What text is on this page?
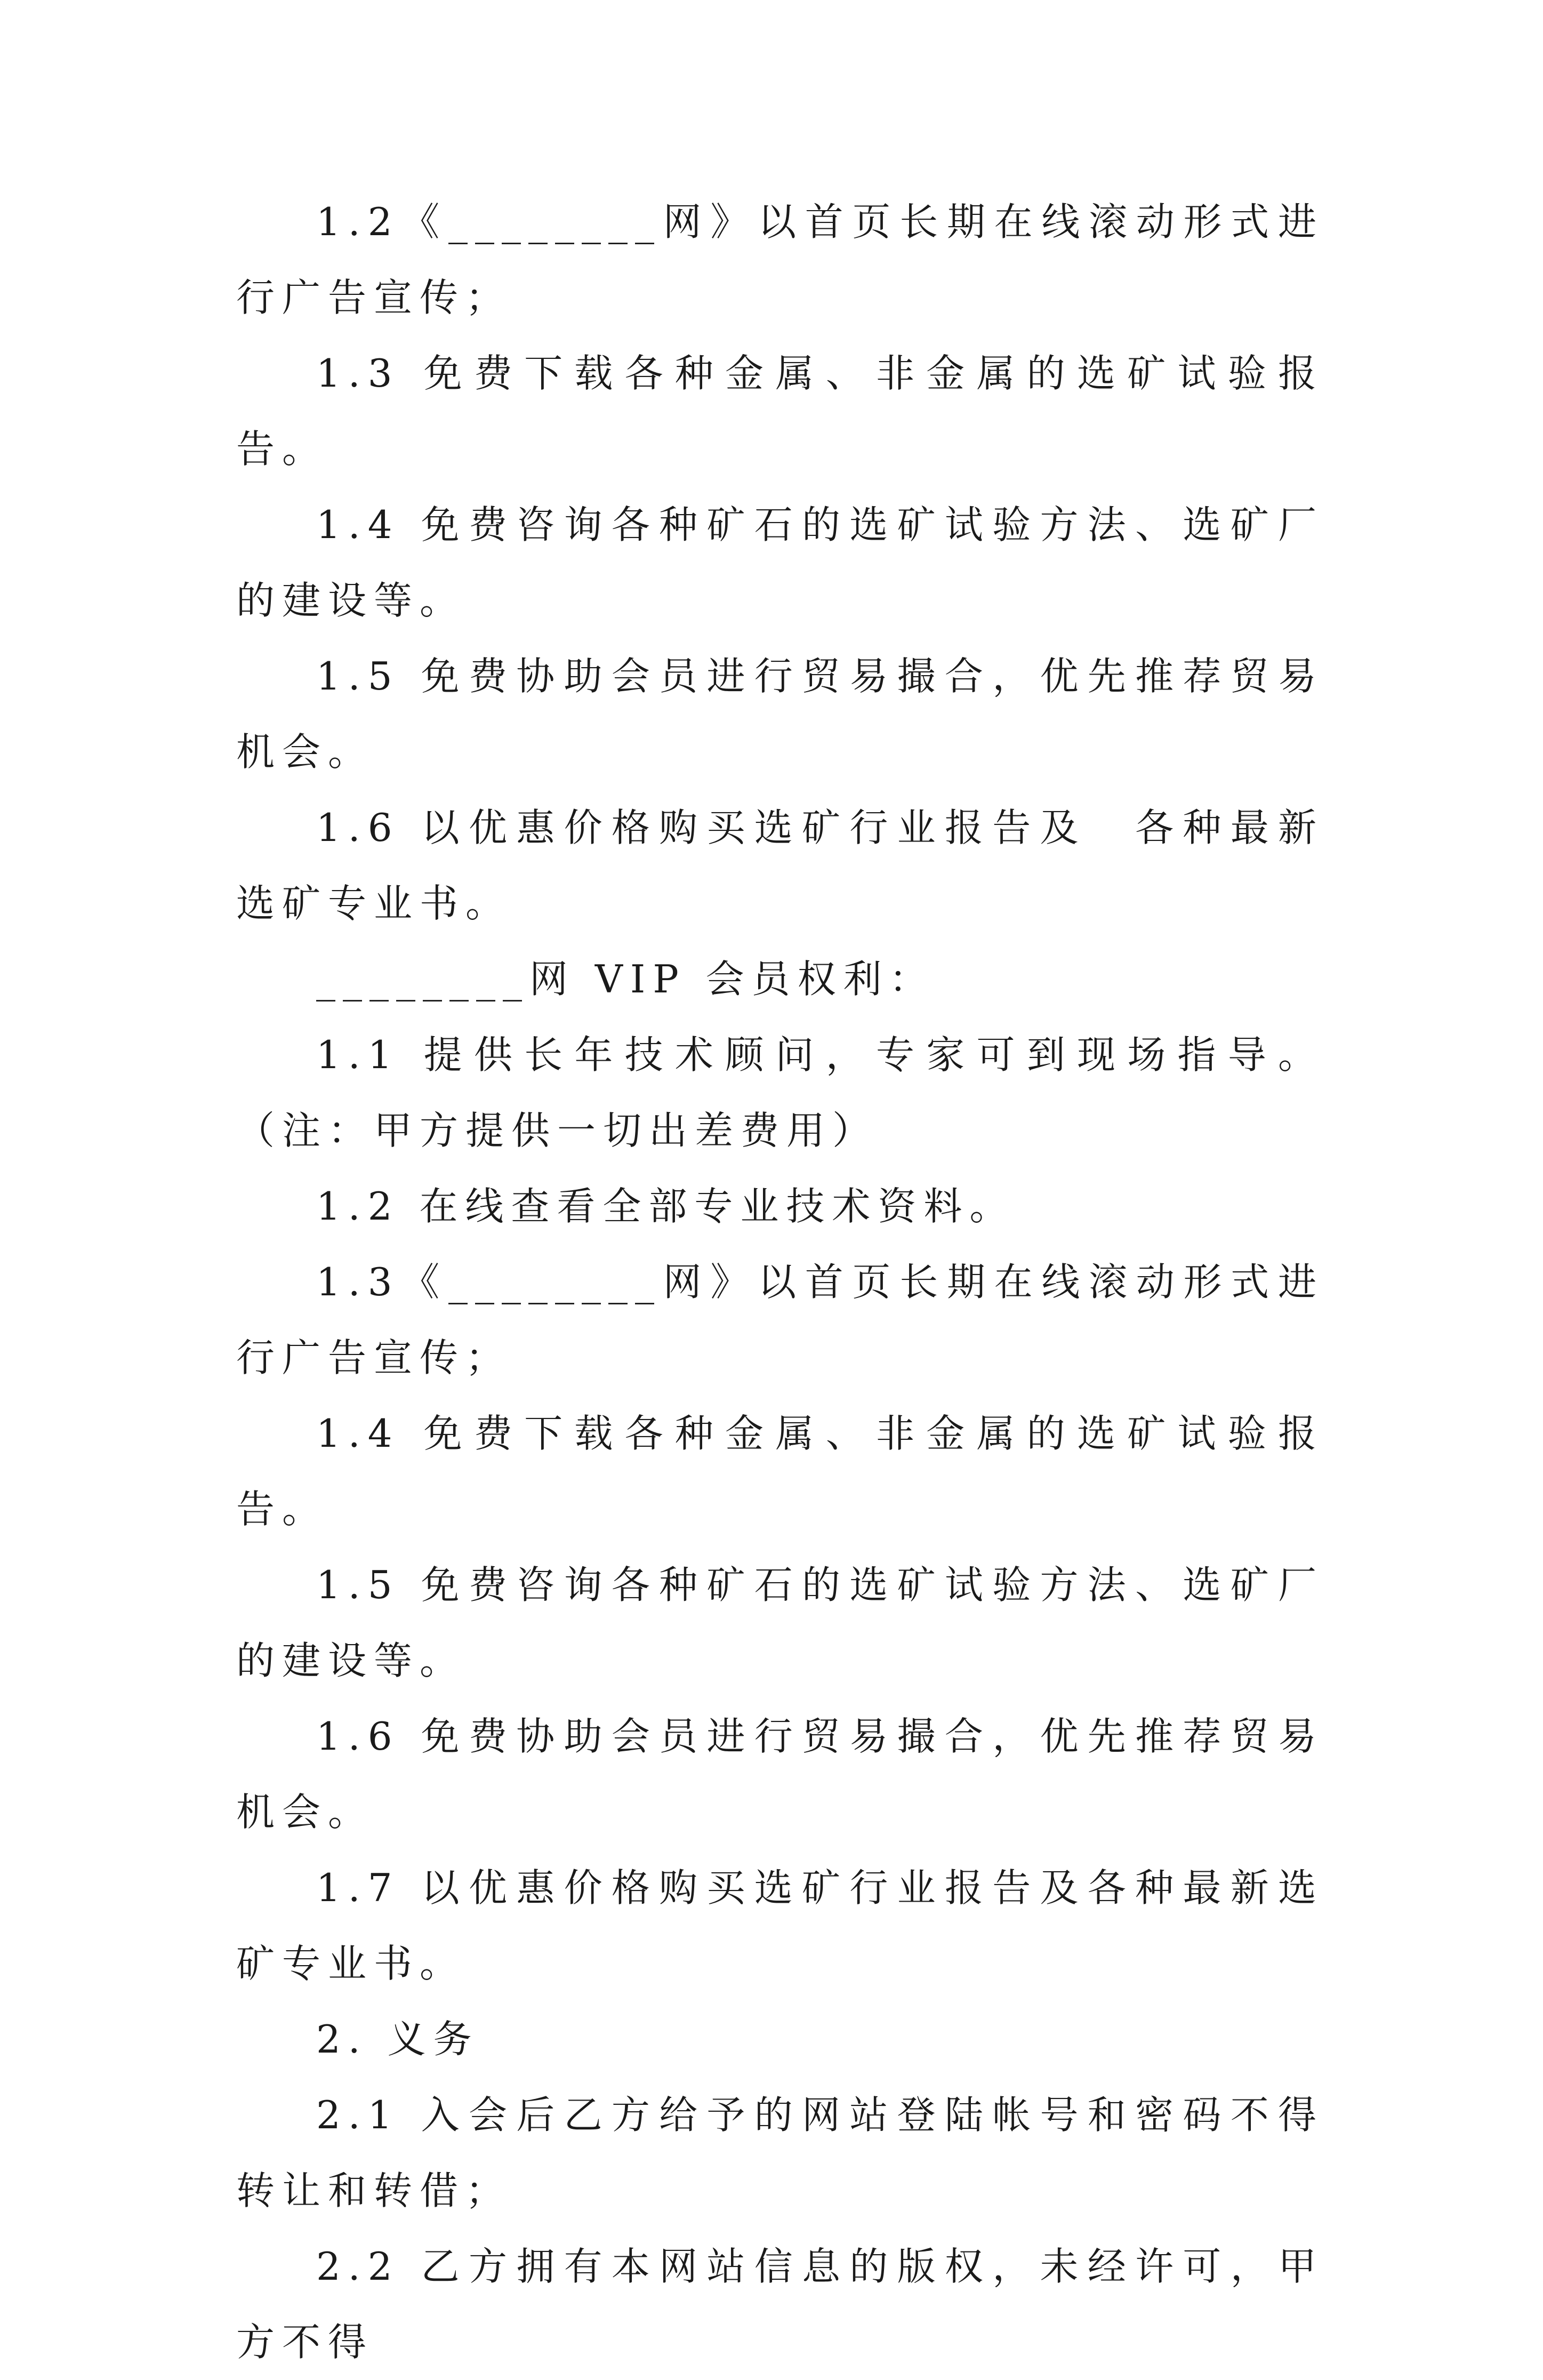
1.2《________网》以首页长期在线滚动形式进行广告宣传；

1.3 免费下载各种金属、非金属的选矿试验报告。

1.4 免费咨询各种矿石的选矿试验方法、选矿厂的建设等。

1.5 免费协助会员进行贸易撮合，优先推荐贸易机会。

1.6 以优惠价格购买选矿行业报告及　各种最新选矿专业书。

________网 VIP 会员权利：

1.1 提供长年技术顾问，专家可到现场指导。（注：甲方提供一切出差费用）

1.2 在线查看全部专业技术资料。

1.3《________网》以首页长期在线滚动形式进行广告宣传；

1.4 免费下载各种金属、非金属的选矿试验报告。

1.5 免费咨询各种矿石的选矿试验方法、选矿厂的建设等。

1.6 免费协助会员进行贸易撮合，优先推荐贸易机会。

1.7 以优惠价格购买选矿行业报告及各种最新选矿专业书。

2. 义务

2.1 入会后乙方给予的网站登陆帐号和密码不得转让和转借；

2.2 乙方拥有本网站信息的版权，未经许可，甲方不得
